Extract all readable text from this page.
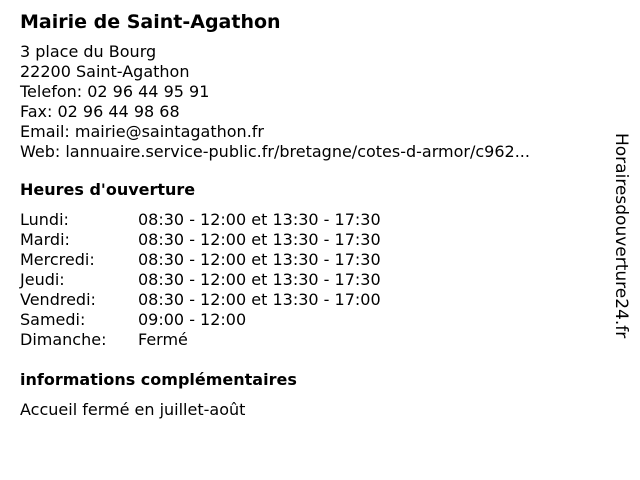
Mairie de Saint-Agathon
3 place du Bourg
22200 Saint-Agathon
Telefon: 02 96 44 95 91
Fax: 02 96 44 98 68
Email: mairie@saintagathon.fr
Web: lannuaire.service-public.fr/bretagne/cotes-d-armor/c962...
Heures d'ouverture
Lundi:	08:30 - 12:00 et 13:30 - 17:30
Mardi:	08:30 - 12:00 et 13:30 - 17:30
Mercredi:	08:30 - 12:00 et 13:30 - 17:30
Jeudi:	08:30 - 12:00 et 13:30 - 17:30
Vendredi:	08:30 - 12:00 et 13:30 - 17:00
Samedi:	09:00 - 12:00
Dimanche:	Fermé
informations complémentaires
Accueil fermé en juillet-août
Horairesdouverture24.fr
